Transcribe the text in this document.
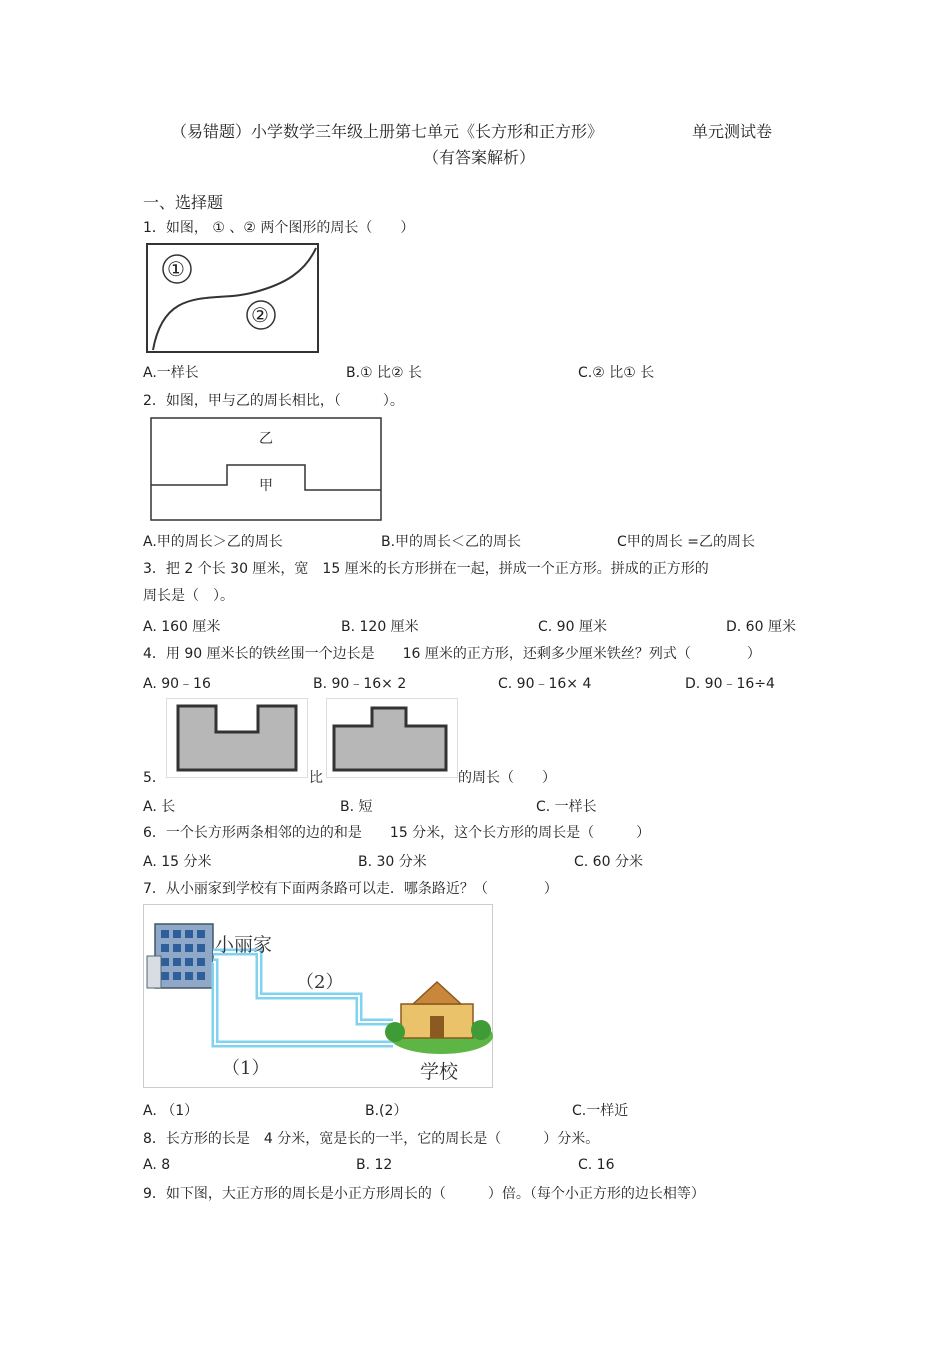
（易错题）小学数学三年级上册第七单元《长方形和正方形》	单元测试卷
（有答案解析）
一、选择题
1．如图， ① 、② 两个图形的周长（　　）
①
②
A.一样长	B.① 比② 长	C.② 比① 长
2．如图，甲与乙的周长相比，（　　　）。
乙
甲
A.甲的周长＞乙的周长	B.甲的周长＜乙的周长	C甲的周长 =乙的周长
3．把 2 个长 30 厘米，宽　15 厘米的长方形拼在一起，拼成一个正方形。拼成的正方形的
周长是（　）。
A. 160 厘米	B. 120 厘米	C. 90 厘米	D. 60 厘米
4．用 90 厘米长的铁丝围一个边长是　　16 厘米的正方形，还剩多少厘米铁丝？列式（　　　　）
A. 90﹣16	B. 90﹣16× 2	C. 90﹣16× 4	D. 90﹣16÷4
5．	比	的周长（　　）
A. 长	B. 短	C. 一样长
6．一个长方形两条相邻的边的和是　　15 分米，这个长方形的周长是（　　　）
A. 15 分米	B. 30 分米	C. 60 分米
7．从小丽家到学校有下面两条路可以走．哪条路近？（　　　　）
小丽家
（2）
（1）	学校
A. （1）	B.(2）	C.一样近
8．长方形的长是　4 分米，宽是长的一半，它的周长是（　　　）分米。
A. 8	B. 12	C. 16
9．如下图，大正方形的周长是小正方形周长的（　　　）倍。（每个小正方形的边长相等）
